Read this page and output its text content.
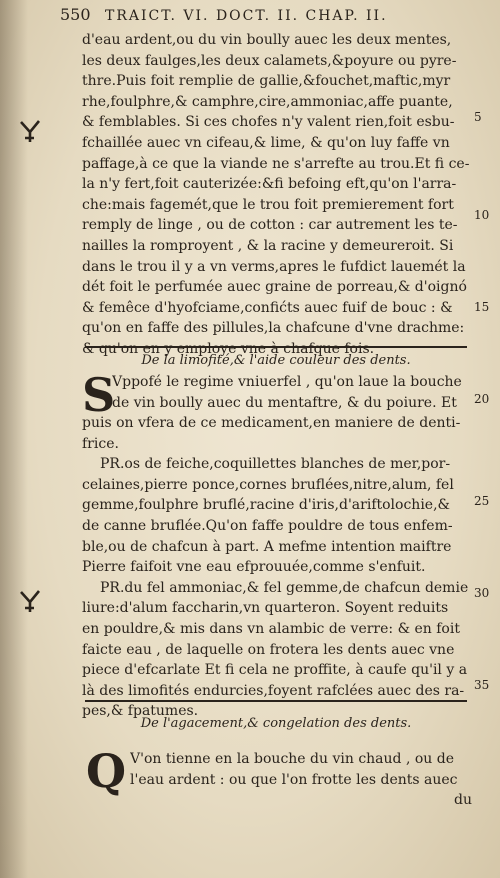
550 TRAICT. VI. DOCT. II. CHAP. II.
d'eau ardent,ou du vin boully auec les deux mentes,
les deux faulges,les deux calamets,&poyure ou pyre-
thre.Puis foit remplie de gallie,&fouchet,maftic,myr
rhe,foulphre,& camphre,cire,ammoniac,affe puante,
& femblables. Si ces chofes n'y valent rien,foit esbu-
fchaillée auec vn cifeau,& lime, & qu'on luy faffe vn
paffage,à ce que la viande ne s'arrefte au trou.Et fi ce-
la n'y fert,foit cauterizée:&fi befoing eft,qu'on l'arra-
che:mais fagemét,que le trou foit premierement fort
remply de linge , ou de cotton : car autrement les te-
nailles la romproyent , & la racine y demeureroit. Si
dans le trou il y a vn verms,apres le fufdict lauemét la
dét foit le perfumée auec graine de porreau,& d'oignó
& femêce d'hyofciame,confićts auec fuif de bouc : &
qu'on en faffe des pillules,la chafcune d'vne drachme:
& qu'on en y employe vne à chafque fois.
De la limofité,& l'aide couleur des dents.
S
Vppofé le regime vniuerfel , qu'on laue la bouche
de vin boully auec du mentaftre, & du poiure. Et
puis on vfera de ce medicament,en maniere de denti-
frice.
PR.os de feiche,coquillettes blanches de mer,por-
celaines,pierre ponce,cornes bruflées,nitre,alum, fel
gemme,foulphre bruflé,racine d'iris,d'ariftolochie,&
de canne bruflée.Qu'on faffe pouldre de tous enfem-
ble,ou de chafcun à part. A mefme intention maiftre
Pierre faifoit vne eau efprouuée,comme s'enfuit.
PR.du fel ammoniac,& fel gemme,de chafcun demie
liure:d'alum faccharin,vn quarteron. Soyent reduits
en pouldre,& mis dans vn alambic de verre: & en foit
faicte eau , de laquelle on frotera les dents auec vne
piece d'efcarlate Et fi cela ne proffite, à caufe qu'il y a
là des limofités endurcies,foyent rafclées auec des ra-
pes,& fpatumes.
De l'agacement,& congelation des dents.
Q V'on tienne en la bouche du vin chaud , ou de
l'eau ardent : ou que l'on frotte les dents auec
du
5
10
15
20
25
30
35
